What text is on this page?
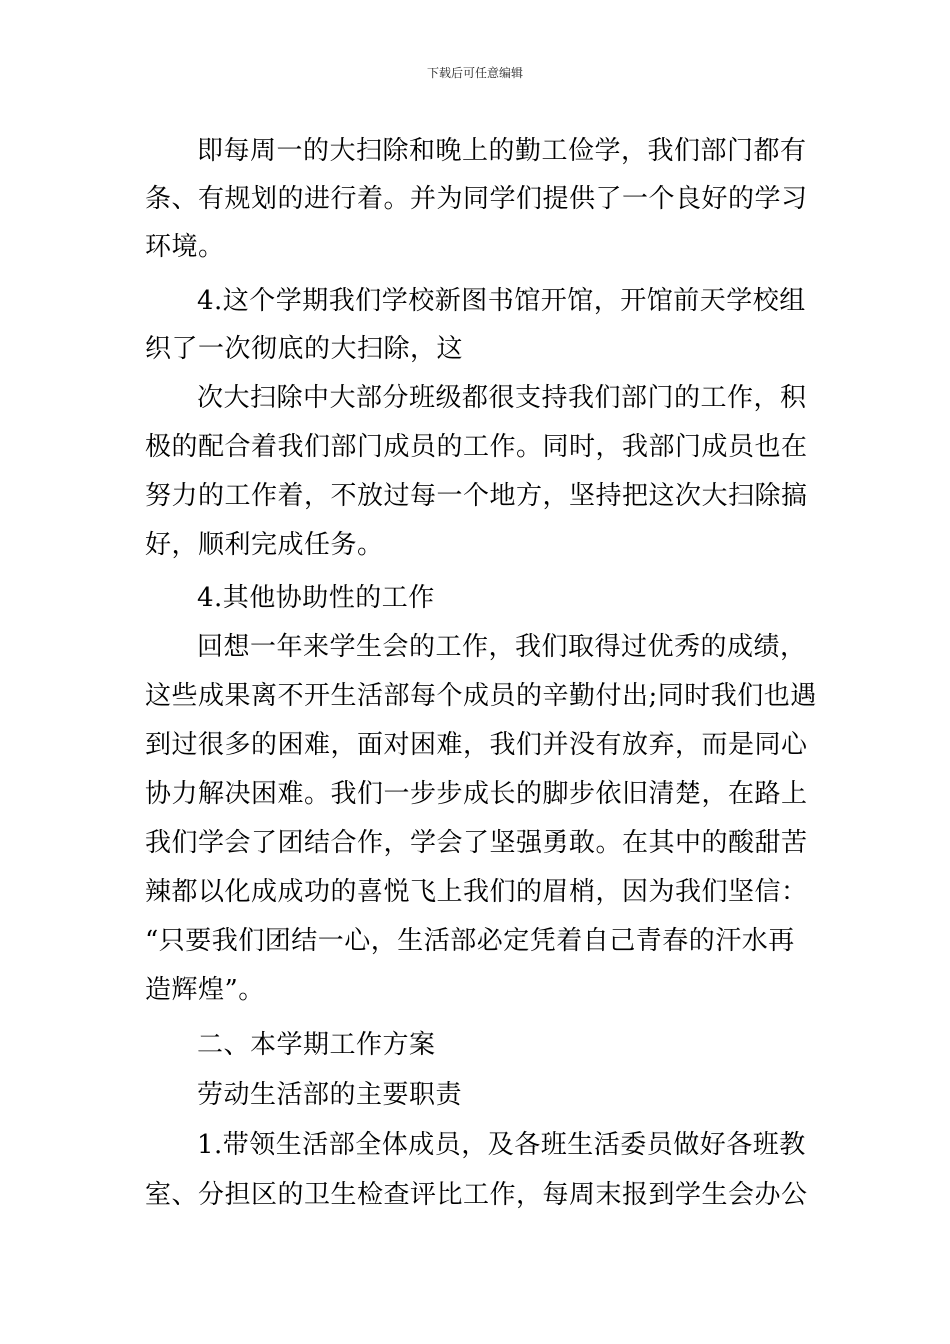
下载后可任意编辑
即每周一的大扫除和晚上的勤工俭学，我们部门都有
条、有规划的进行着。并为同学们提供了一个良好的学习
环境。
4.这个学期我们学校新图书馆开馆，开馆前天学校组
织了一次彻底的大扫除，这
次大扫除中大部分班级都很支持我们部门的工作，积
极的配合着我们部门成员的工作。同时，我部门成员也在
努力的工作着，不放过每一个地方，坚持把这次大扫除搞
好，顺利完成任务。
4.其他协助性的工作
回想一年来学生会的工作，我们取得过优秀的成绩，
这些成果离不开生活部每个成员的辛勤付出;同时我们也遇
到过很多的困难，面对困难，我们并没有放弃，而是同心
协力解决困难。我们一步步成长的脚步依旧清楚，在路上
我们学会了团结合作，学会了坚强勇敢。在其中的酸甜苦
辣都以化成成功的喜悦飞上我们的眉梢，因为我们坚信：
“只要我们团结一心，生活部必定凭着自己青春的汗水再
造辉煌”。
二、本学期工作方案
劳动生活部的主要职责
1.带领生活部全体成员，及各班生活委员做好各班教
室、分担区的卫生检查评比工作，每周末报到学生会办公
